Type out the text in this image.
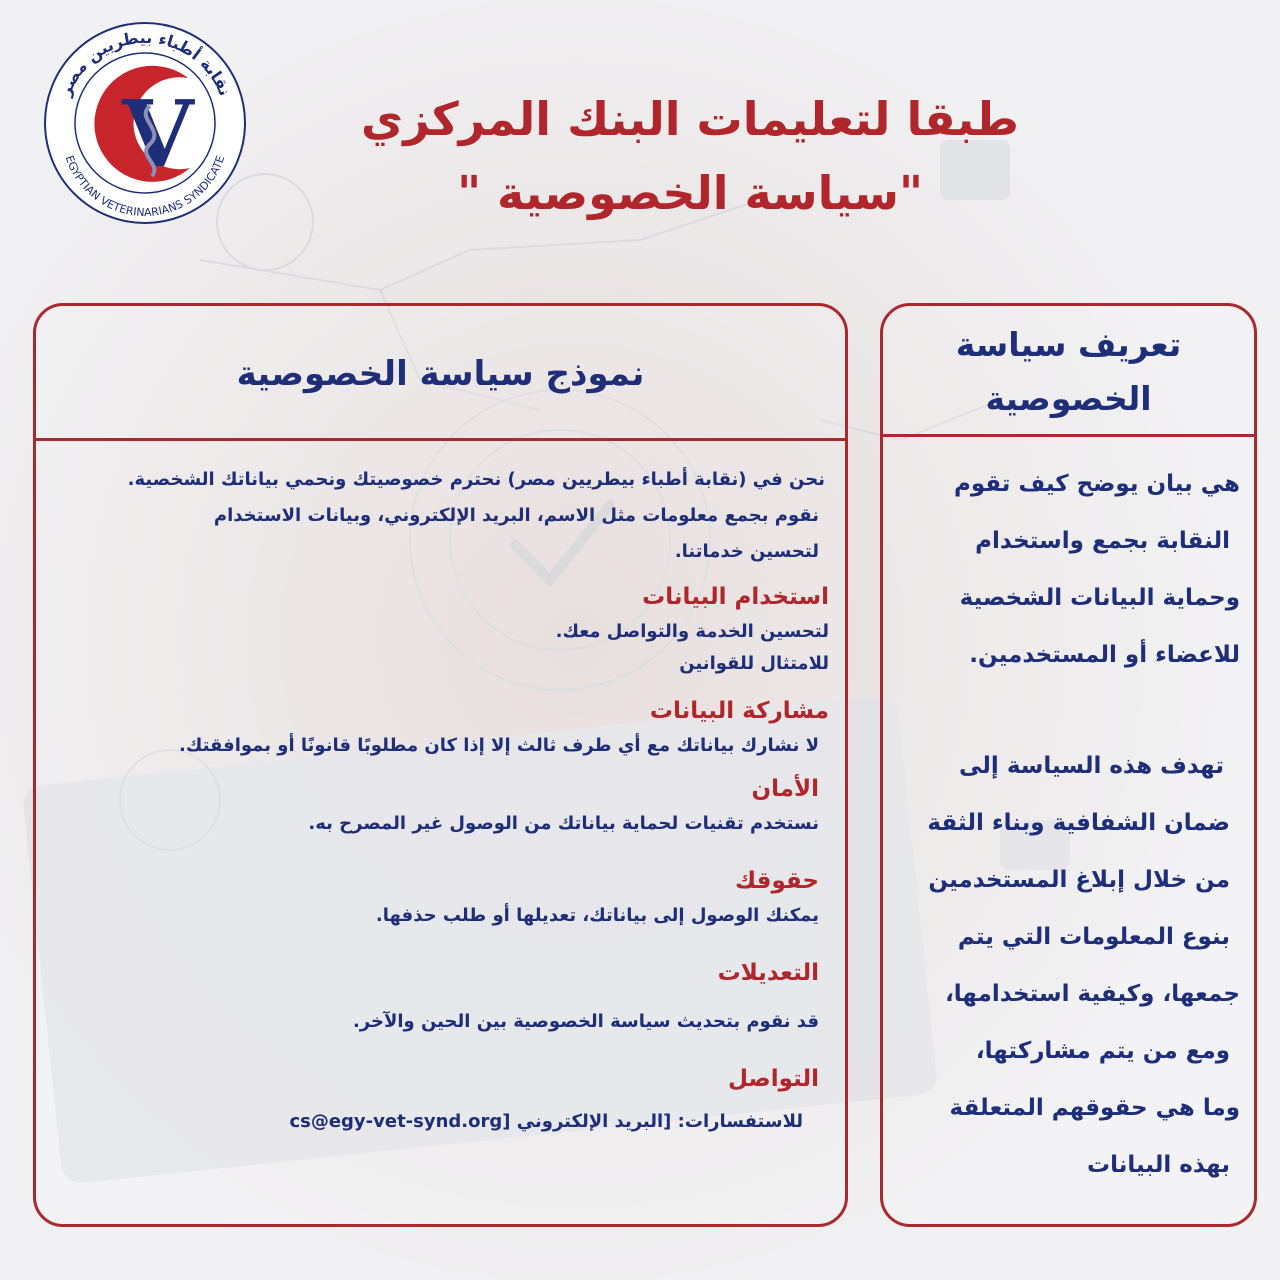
V
نقابة أطباء بيطريين مصر
EGYPTIAN VETERINARIANS SYNDICATE
طبقا لتعليمات البنك المركزي
"سياسة الخصوصية "
نموذج سياسة الخصوصية
نحن في (نقابة أطباء بيطريين مصر) نحترم خصوصيتك ونحمي بياناتك الشخصية.
نقوم بجمع معلومات مثل الاسم، البريد الإلكتروني، وبيانات الاستخدام
لتحسين خدماتنا.
استخدام البيانات
لتحسين الخدمة والتواصل معك.
للامتثال للقوانين
مشاركة البيانات
لا نشارك بياناتك مع أي طرف ثالث إلا إذا كان مطلوبًا قانونًا أو بموافقتك.
الأمان
نستخدم تقنيات لحماية بياناتك من الوصول غير المصرح به.
حقوقك
يمكنك الوصول إلى بياناتك، تعديلها أو طلب حذفها.
التعديلات
قد نقوم بتحديث سياسة الخصوصية بين الحين والآخر.
التواصل
للاستفسارات: [البريد الإلكتروني cs@egy-vet-synd.org]
تعريف سياسة
الخصوصية
هي بيان يوضح كيف تقوم
النقابة بجمع واستخدام
وحماية البيانات الشخصية
للاعضاء أو المستخدمين.
تهدف هذه السياسة إلى
ضمان الشفافية وبناء الثقة
من خلال إبلاغ المستخدمين
بنوع المعلومات التي يتم
جمعها، وكيفية استخدامها،
ومع من يتم مشاركتها،
وما هي حقوقهم المتعلقة
بهذه البيانات
